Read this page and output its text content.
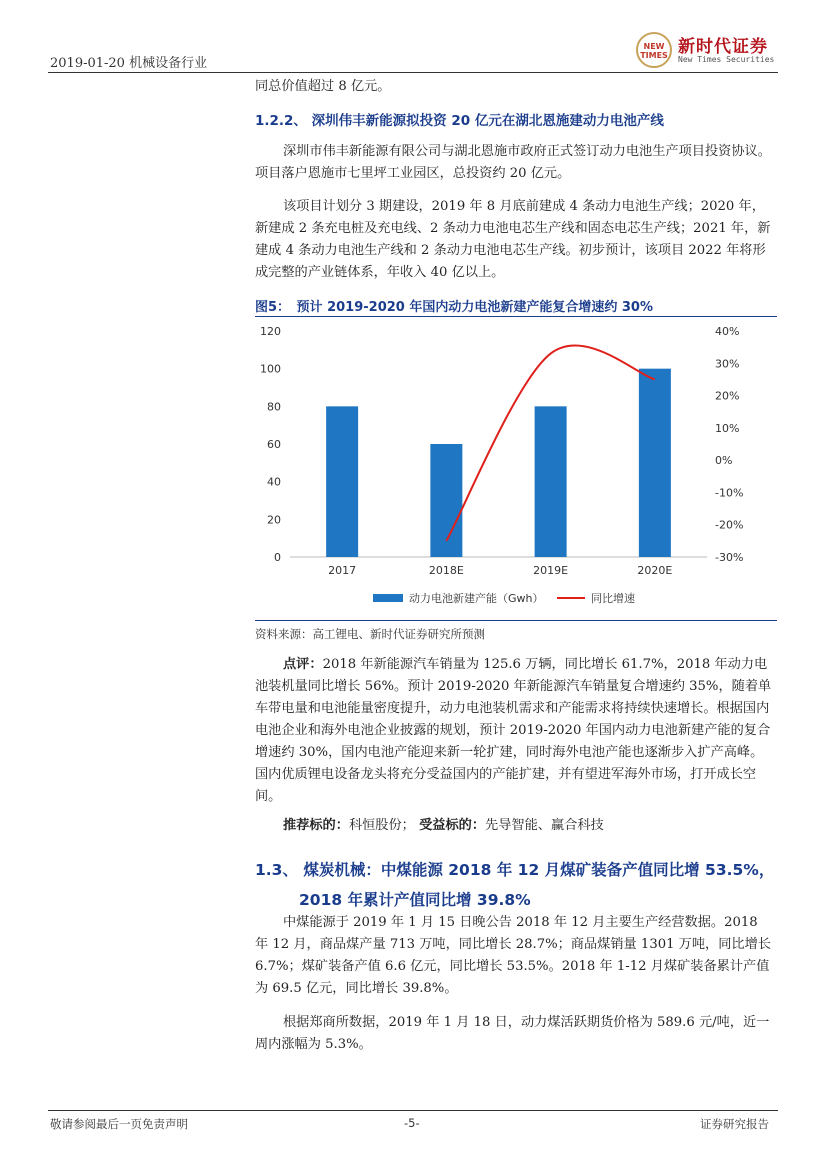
2019-01-20 机械设备行业
NEW TIMES 新时代证券
New Times Securities
同总价值超过 8 亿元。
1.2.2、 深圳伟丰新能源拟投资 20 亿元在湖北恩施建动力电池产线
深圳市伟丰新能源有限公司与湖北恩施市政府正式签订动力电池生产项目投资协议。项目落户恩施市七里坪工业园区，总投资约 20 亿元。
该项目计划分 3 期建设，2019 年 8 月底前建成 4 条动力电池生产线；2020 年，新建成 2 条充电桩及充电线、2 条动力电池电芯生产线和固态电芯生产线；2021 年，新建成 4 条动力电池生产线和 2 条动力电池电芯生产线。初步预计，该项目 2022 年将形成完整的产业链体系，年收入 40 亿以上。
图5：　预计 2019-2020 年国内动力电池新建产能复合增速约 30%
0
20
40
60
80
100
120
-30%
-20%
-10%
0%
10%
20%
30%
40%
2017	2018E	2019E	2020E
动力电池新建产能（Gwh）	同比增速
资料来源：高工锂电、新时代证券研究所预测
点评：2018 年新能源汽车销量为 125.6 万辆，同比增长 61.7%，2018 年动力电池装机量同比增长 56%。预计 2019-2020 年新能源汽车销量复合增速约 35%，随着单车带电量和电池能量密度提升，动力电池装机需求和产能需求将持续快速增长。根据国内电池企业和海外电池企业披露的规划，预计 2019-2020 年国内动力电池新建产能的复合增速约 30%，国内电池产能迎来新一轮扩建，同时海外电池产能也逐渐步入扩产高峰。国内优质锂电设备龙头将充分受益国内的产能扩建，并有望进军海外市场，打开成长空间。
推荐标的：科恒股份； 受益标的：先导智能、赢合科技
1.3、 煤炭机械：中煤能源 2018 年 12 月煤矿装备产值同比增 53.5%，
2018 年累计产值同比增 39.8%
中煤能源于 2019 年 1 月 15 日晚公告 2018 年 12 月主要生产经营数据。2018 年 12 月，商品煤产量 713 万吨，同比增长 28.7%；商品煤销量 1301 万吨，同比增长 6.7%；煤矿装备产值 6.6 亿元，同比增长 53.5%。2018 年 1-12 月煤矿装备累计产值为 69.5 亿元，同比增长 39.8%。
根据郑商所数据，2019 年 1 月 18 日，动力煤活跃期货价格为 589.6 元/吨，近一周内涨幅为 5.3%。
敬请参阅最后一页免责声明	-5-	证券研究报告
